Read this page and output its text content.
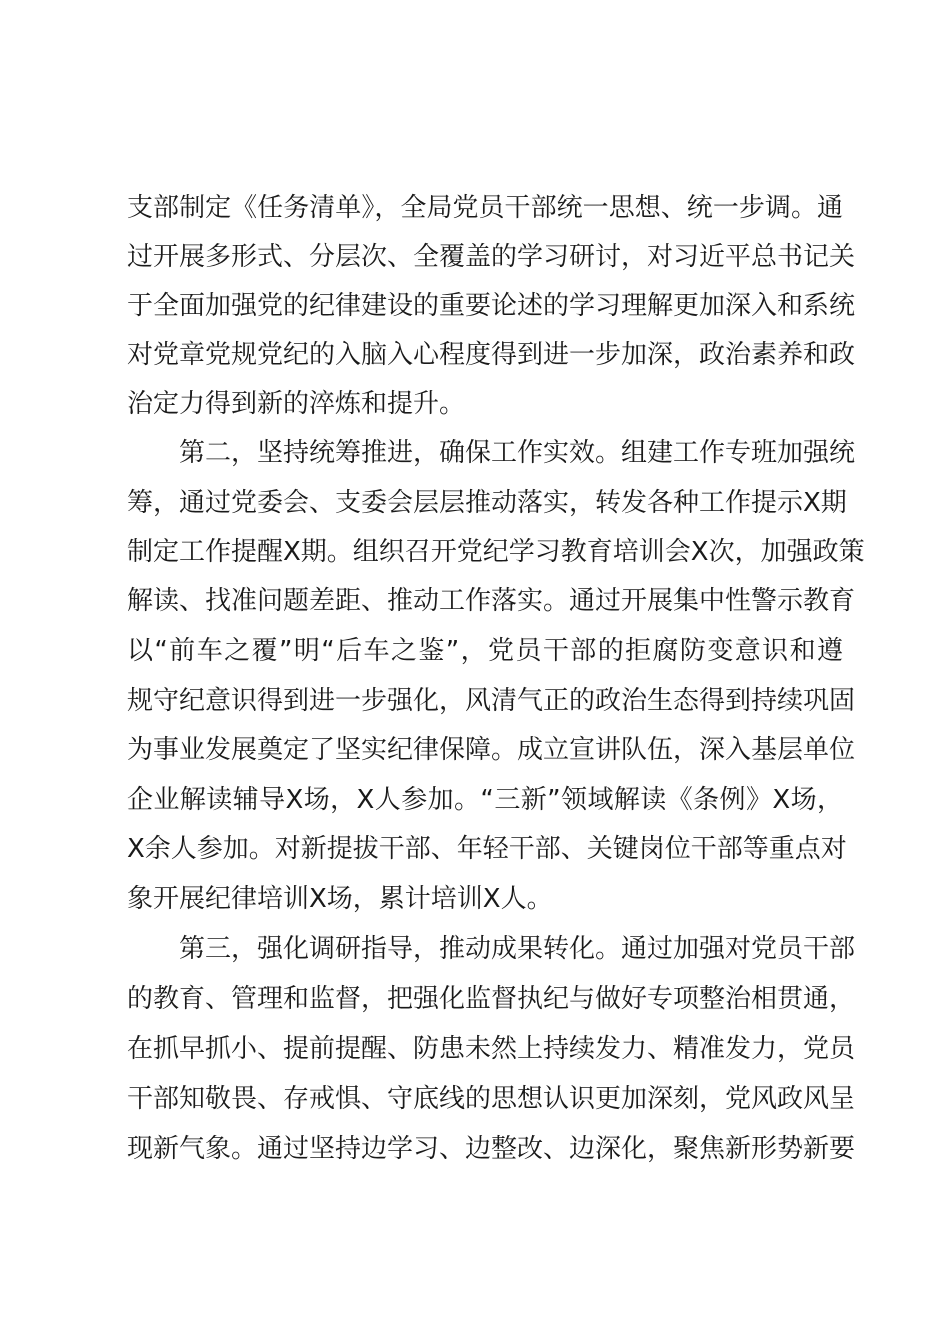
支部制定《任务清单》，全局党员干部统一思想、统一步调。通
过开展多形式、分层次、全覆盖的学习研讨，对习近平总书记关
于全面加强党的纪律建设的重要论述的学习理解更加深入和系统
对党章党规党纪的入脑入心程度得到进一步加深，政治素养和政
治定力得到新的淬炼和提升。
第二，坚持统筹推进，确保工作实效。组建工作专班加强统
筹，通过党委会、支委会层层推动落实，转发各种工作提示X期
制定工作提醒X期。组织召开党纪学习教育培训会X次，加强政策
解读、找准问题差距、推动工作落实。通过开展集中性警示教育
以“前车之覆”明“后车之鉴”，党员干部的拒腐防变意识和遵
规守纪意识得到进一步强化，风清气正的政治生态得到持续巩固
为事业发展奠定了坚实纪律保障。成立宣讲队伍，深入基层单位
企业解读辅导X场，X人参加。“三新”领域解读《条例》X场，
X余人参加。对新提拔干部、年轻干部、关键岗位干部等重点对
象开展纪律培训X场，累计培训X人。
第三，强化调研指导，推动成果转化。通过加强对党员干部
的教育、管理和监督，把强化监督执纪与做好专项整治相贯通，
在抓早抓小、提前提醒、防患未然上持续发力、精准发力，党员
干部知敬畏、存戒惧、守底线的思想认识更加深刻，党风政风呈
现新气象。通过坚持边学习、边整改、边深化，聚焦新形势新要
